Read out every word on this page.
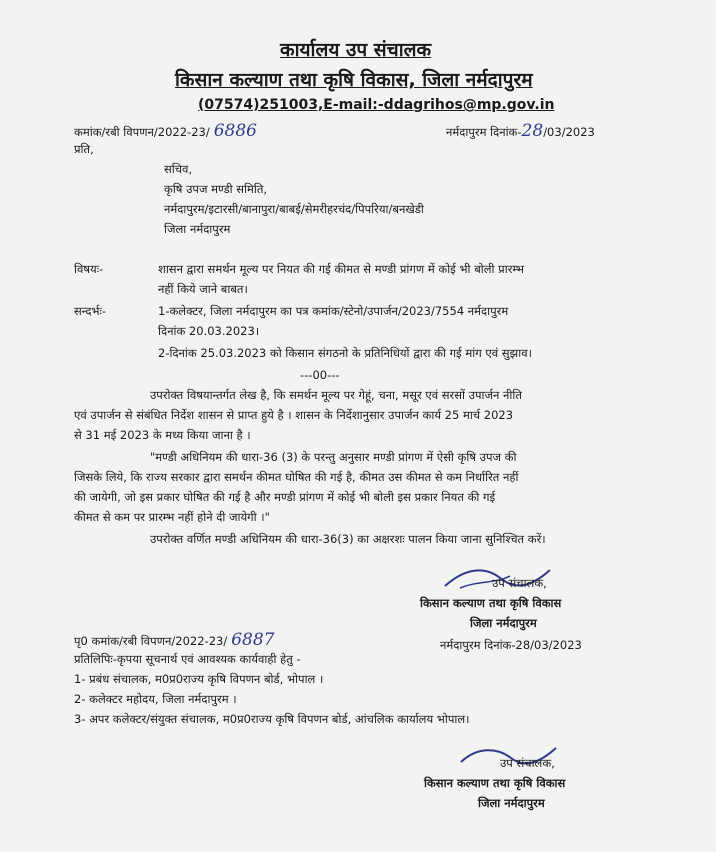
कार्यालय उप संचालक
किसान कल्याण तथा कृषि विकास, जिला नर्मदापुरम
(07574)251003,E-mail:-ddagrihos@mp.gov.in
कमांक/रबी विपणन/2022-23/ 6886	नर्मदापुरम दिनांक-28/03/2023
प्रति,
सचिव,
कृषि उपज मण्डी समिति,
नर्मदापुरम/इटारसी/बानापुरा/बाबई/सेमरीहरचंद/पिपरिया/बनखेडी
जिला नर्मदापुरम
विषयः-	शासन द्वारा समर्थन मूल्य पर नियत की गई कीमत से मण्डी प्रांगण में कोई भी बोली प्रारम्भ
नहीं किये जाने बाबत।
सन्दर्भः-	1-कलेक्टर, जिला नर्मदापुरम का पत्र कमांक/स्टेनो/उपार्जन/2023/7554 नर्मदापुरम
दिनांक 20.03.2023।
2-दिनांक 25.03.2023 को किसान संगठनो के प्रतिनिधियों द्वारा की गई मांग एवं सुझाव।
---00---
उपरोक्त विषयान्तर्गत लेख है, कि समर्थन मूल्य पर गेहूं, चना, मसूर एवं सरसों उपार्जन नीति
एवं उपार्जन से संबंधित निर्देश शासन से प्राप्त हुये है । शासन के निर्देशानुसार उपार्जन कार्य 25 मार्च 2023
से 31 मई 2023 के मध्य किया जाना है ।
"मण्डी अधिनियम की धारा-36 (3) के परन्तु अनुसार मण्डी प्रांगण में ऐसी कृषि उपज की
जिसके लिये, कि राज्य सरकार द्वारा समर्थन कीमत घोषित की गई है, कीमत उस कीमत से कम निर्धारित नहीं
की जायेगी, जो इस प्रकार घोषित की गई है और मण्डी प्रांगण में कोई भी बोली इस प्रकार नियत की गई
कीमत से कम पर प्रारम्भ नहीं होने दी जायेगी ।"
उपरोक्त वर्णित मण्डी अधिनियम की धारा-36(3) का अक्षरशः पालन किया जाना सुनिश्चित करें।
उप संचालक,
किसान कल्याण तथा कृषि विकास
जिला नर्मदापुरम
नर्मदापुरम दिनांक-28/03/2023
पृ0 कमांक/रबी विपणन/2022-23/ 6887
प्रतिलिपिः-कृपया सूचनार्थ एवं आवश्यक कार्यवाही हेतु -
1- प्रबंध संचालक, म0प्र0राज्य कृषि विपणन बोर्ड, भोपाल ।
2- कलेक्टर महोदय, जिला नर्मदापुरम ।
3- अपर कलेक्टर/संयुक्त संचालक, म0प्र0राज्य कृषि विपणन बोर्ड, आंचलिक कार्यालय भोपाल।
उप संचालक,
किसान कल्याण तथा कृषि विकास
जिला नर्मदापुरम
